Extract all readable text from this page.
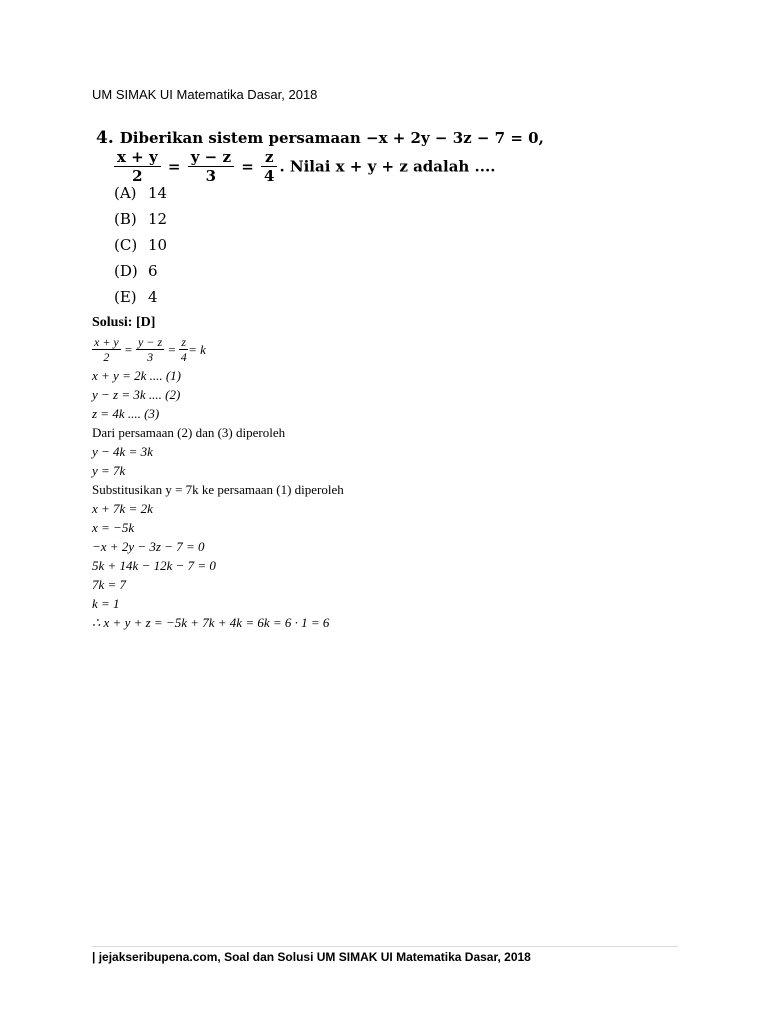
UM SIMAK UI Matematika Dasar, 2018
4. Diberikan sistem persamaan −x + 2y − 3z − 7 = 0,
$\frac{x + y}{2} = \frac{y - z}{3} = \frac{z}{4}$ . Nilai x + y + z adalah ....
(A) 14
(B) 12
(C) 10
(D) 6
(E) 4
Solusi: [D]
$\frac{x + y}{2} = \frac{y - z}{3} = \frac{z}{4} = k$
x + y = 2k .... (1)
y − z = 3k .... (2)
z = 4k .... (3)
Dari persamaan (2) dan (3) diperoleh
y − 4k = 3k
y = 7k
Substitusikan y = 7k ke persamaan (1) diperoleh
x + 7k = 2k
x = −5k
−x + 2y − 3z − 7 = 0
5k + 14k − 12k − 7 = 0
7k = 7
k = 1
∴ x + y + z = −5k + 7k + 4k = 6k = 6 · 1 = 6
| jejakseribupena.com, Soal dan Solusi UM SIMAK UI Matematika Dasar, 2018
